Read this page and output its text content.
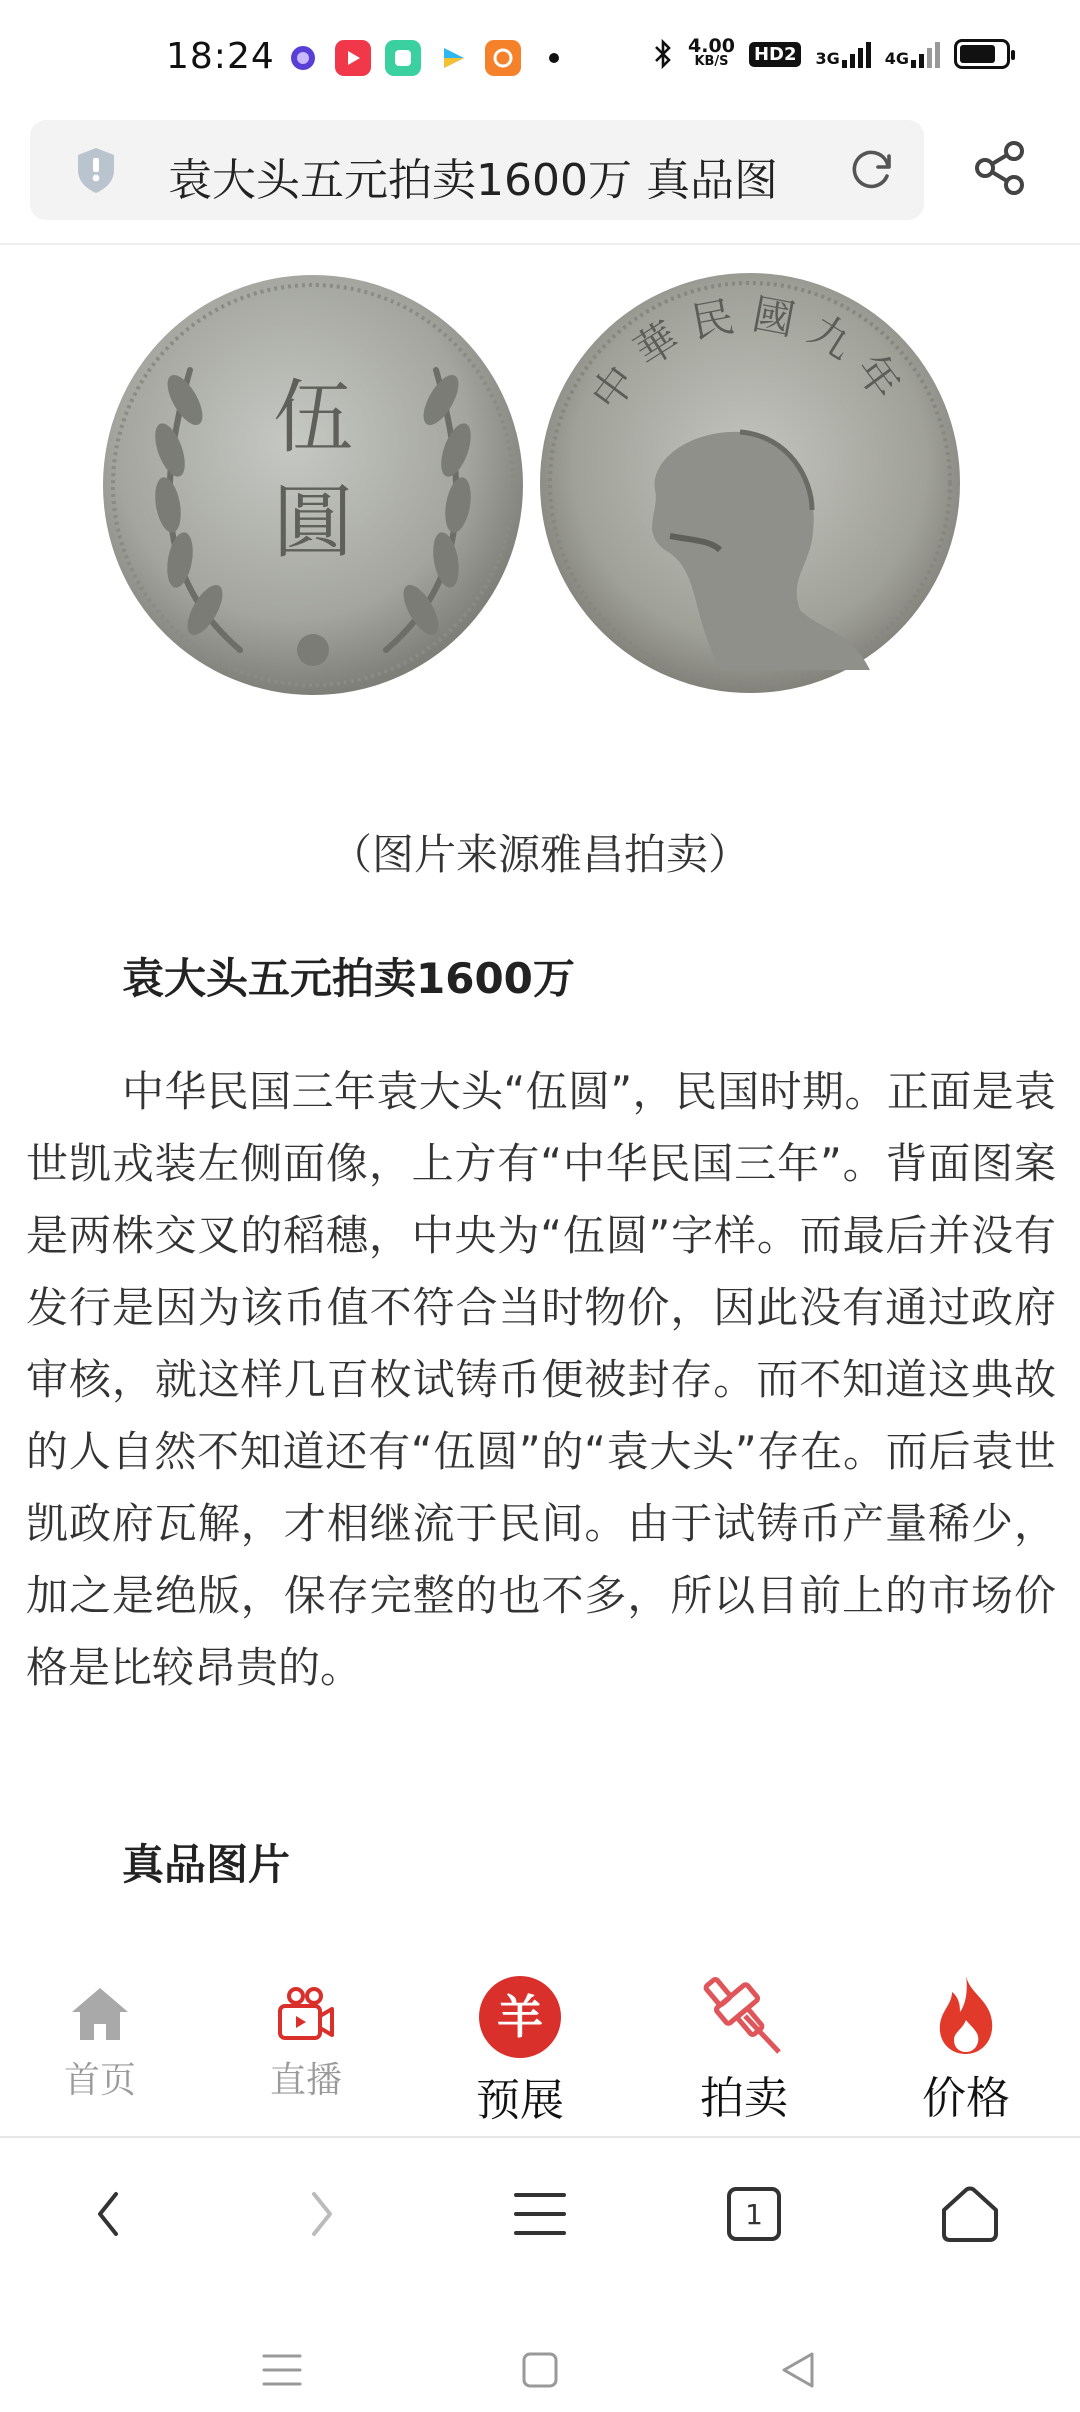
18:24	4.00
KB/S	HD2	3G	4G
袁大头五元拍卖1600万 真品图
伍
圓
中華民國九年
（图片来源雅昌拍卖）
袁大头五元拍卖1600万
中华民国三年袁大头“伍圆”，民国时期。正面是袁世凯戎装左侧面像，上方有“中华民国三年”。背面图案是两株交叉的稻穗，中央为“伍圆”字样。而最后并没有发行是因为该币值不符合当时物价，因此没有通过政府审核，就这样几百枚试铸币便被封存。而不知道这典故的人自然不知道还有“伍圆”的“袁大头”存在。而后袁世凯政府瓦解，才相继流于民间。由于试铸币产量稀少，加之是绝版，保存完整的也不多，所以目前上的市场价格是比较昂贵的。
真品图片
首页	直播
羊
预展	拍卖	价格
1
